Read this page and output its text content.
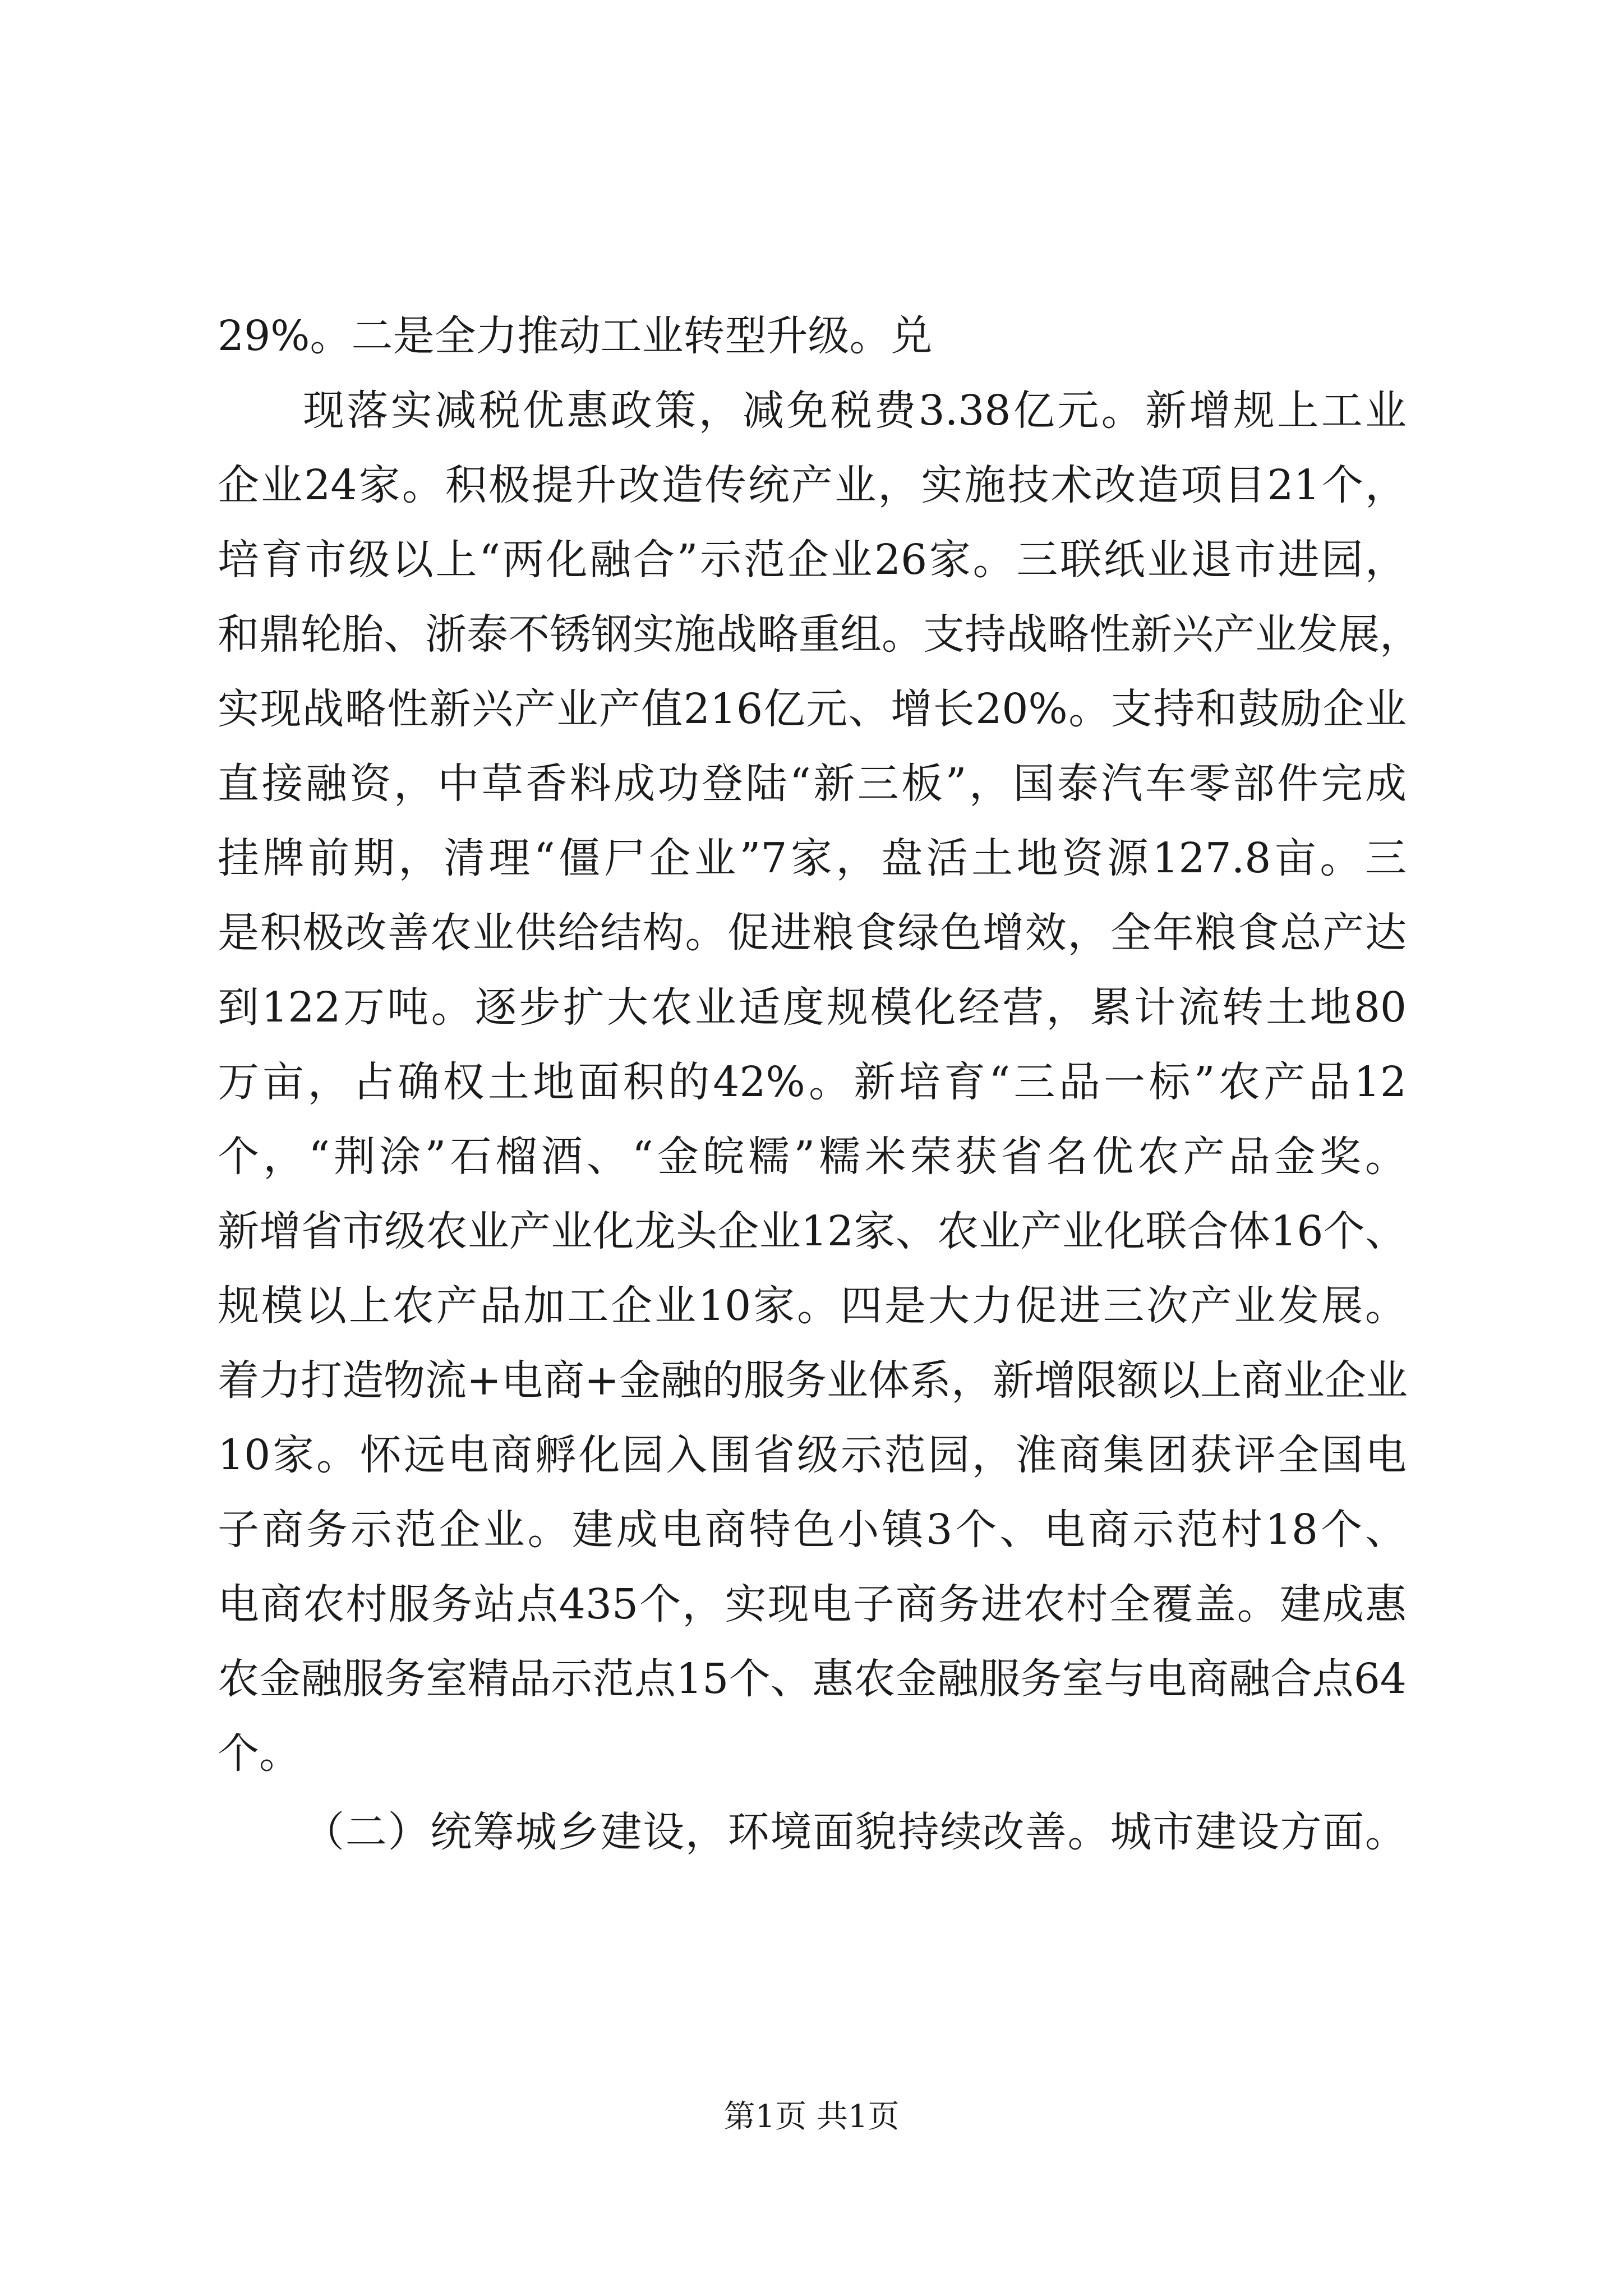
29%。二是全力推动工业转型升级。兑
现落实减税优惠政策，减免税费3.38亿元。新增规上工业
企业24家。积极提升改造传统产业，实施技术改造项目21个，
培育市级以上“两化融合”示范企业26家。三联纸业退市进园，
和鼎轮胎、浙泰不锈钢实施战略重组。支持战略性新兴产业发展，
实现战略性新兴产业产值216亿元、增长20%。支持和鼓励企业
直接融资，中草香料成功登陆“新三板”，国泰汽车零部件完成
挂牌前期，清理“僵尸企业”7家，盘活土地资源127.8亩。三
是积极改善农业供给结构。促进粮食绿色增效，全年粮食总产达
到122万吨。逐步扩大农业适度规模化经营，累计流转土地80
万亩，占确权土地面积的42%。新培育“三品一标”农产品12
个，“荆涂”石榴酒、“金皖糯”糯米荣获省名优农产品金奖。
新增省市级农业产业化龙头企业12家、农业产业化联合体16个、
规模以上农产品加工企业10家。四是大力促进三次产业发展。
着力打造物流+电商+金融的服务业体系，新增限额以上商业企业
10家。怀远电商孵化园入围省级示范园，淮商集团获评全国电
子商务示范企业。建成电商特色小镇3个、电商示范村18个、
电商农村服务站点435个，实现电子商务进农村全覆盖。建成惠
农金融服务室精品示范点15个、惠农金融服务室与电商融合点64
个。
（二）统筹城乡建设，环境面貌持续改善。城市建设方面。
第1页 共1页
